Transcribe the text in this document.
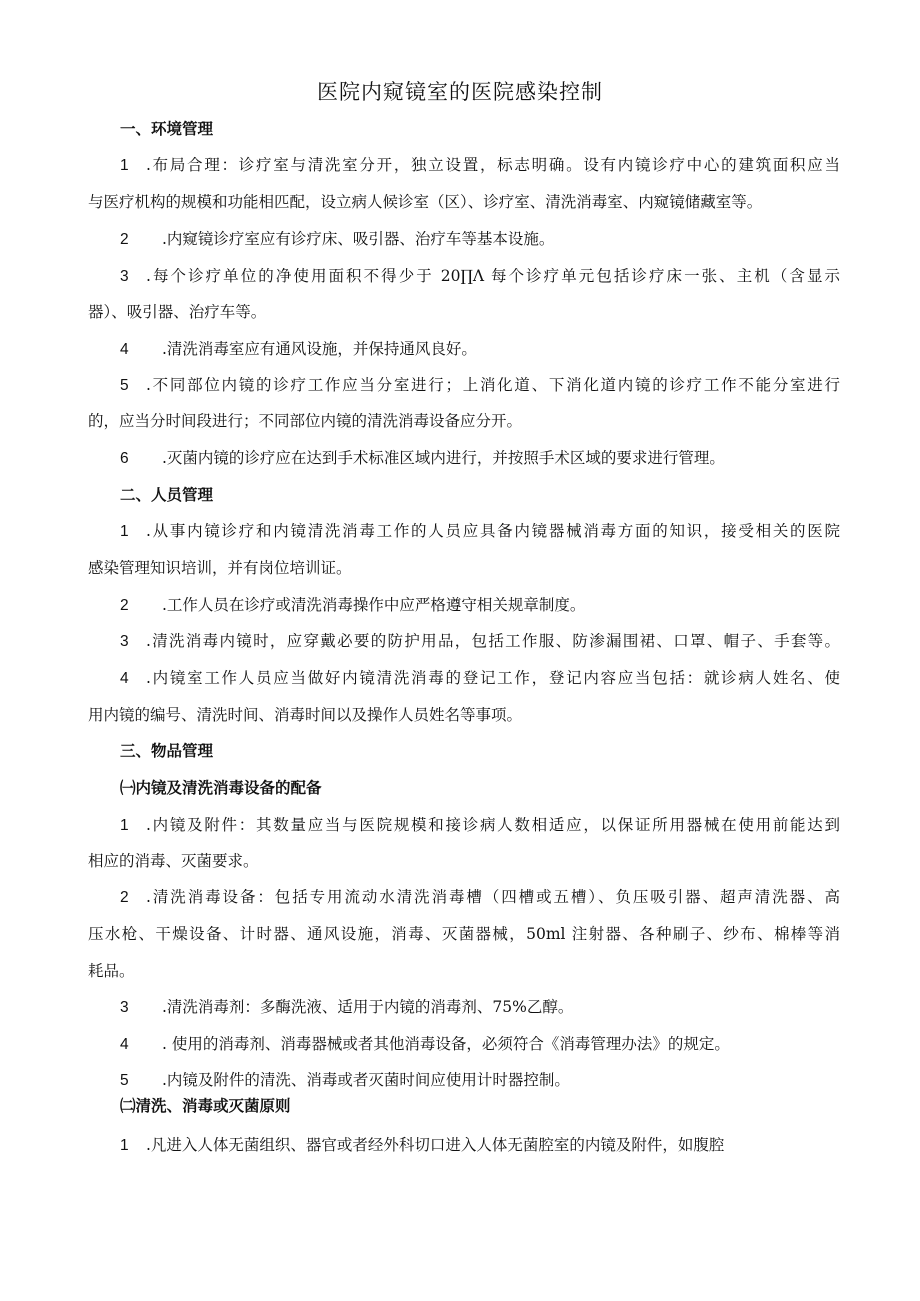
医院内窥镜室的医院感染控制
一、环境管理
1 .布局合理：诊疗室与清洗室分开，独立设置，标志明确。设有内镜诊疗中心的建筑面积应当
与医疗机构的规模和功能相匹配，设立病人候诊室（区）、诊疗室、清洗消毒室、内窥镜储藏室等。
2 .内窥镜诊疗室应有诊疗床、吸引器、治疗车等基本设施。
3 .每个诊疗单位的净使用面积不得少于 20∏Λ 每个诊疗单元包括诊疗床一张、主机（含显示
器）、吸引器、治疗车等。
4 .清洗消毒室应有通风设施，并保持通风良好。
5 .不同部位内镜的诊疗工作应当分室进行；上消化道、下消化道内镜的诊疗工作不能分室进行
的，应当分时间段进行；不同部位内镜的清洗消毒设备应分开。
6 .灭菌内镜的诊疗应在达到手术标准区域内进行，并按照手术区域的要求进行管理。
二、人员管理
1 .从事内镜诊疗和内镜清洗消毒工作的人员应具备内镜器械消毒方面的知识，接受相关的医院
感染管理知识培训，并有岗位培训证。
2 .工作人员在诊疗或清洗消毒操作中应严格遵守相关规章制度。
3 .清洗消毒内镜时，应穿戴必要的防护用品，包括工作服、防渗漏围裙、口罩、帽子、手套等。
4 .内镜室工作人员应当做好内镜清洗消毒的登记工作，登记内容应当包括：就诊病人姓名、使
用内镜的编号、清洗时间、消毒时间以及操作人员姓名等事项。
三、物品管理
㈠内镜及清洗消毒设备的配备
1 .内镜及附件：其数量应当与医院规模和接诊病人数相适应，以保证所用器械在使用前能达到
相应的消毒、灭菌要求。
2 .清洗消毒设备：包括专用流动水清洗消毒槽（四槽或五槽）、负压吸引器、超声清洗器、高
压水枪、干燥设备、计时器、通风设施，消毒、灭菌器械，50ml 注射器、各种刷子、纱布、棉棒等消
耗品。
3 .清洗消毒剂：多酶洗液、适用于内镜的消毒剂、75%乙醇。
4 . 使用的消毒剂、消毒器械或者其他消毒设备，必须符合《消毒管理办法》的规定。
5 .内镜及附件的清洗、消毒或者灭菌时间应使用计时器控制。
㈡清洗、消毒或灭菌原则
1 .凡进入人体无菌组织、器官或者经外科切口进入人体无菌腔室的内镜及附件，如腹腔
